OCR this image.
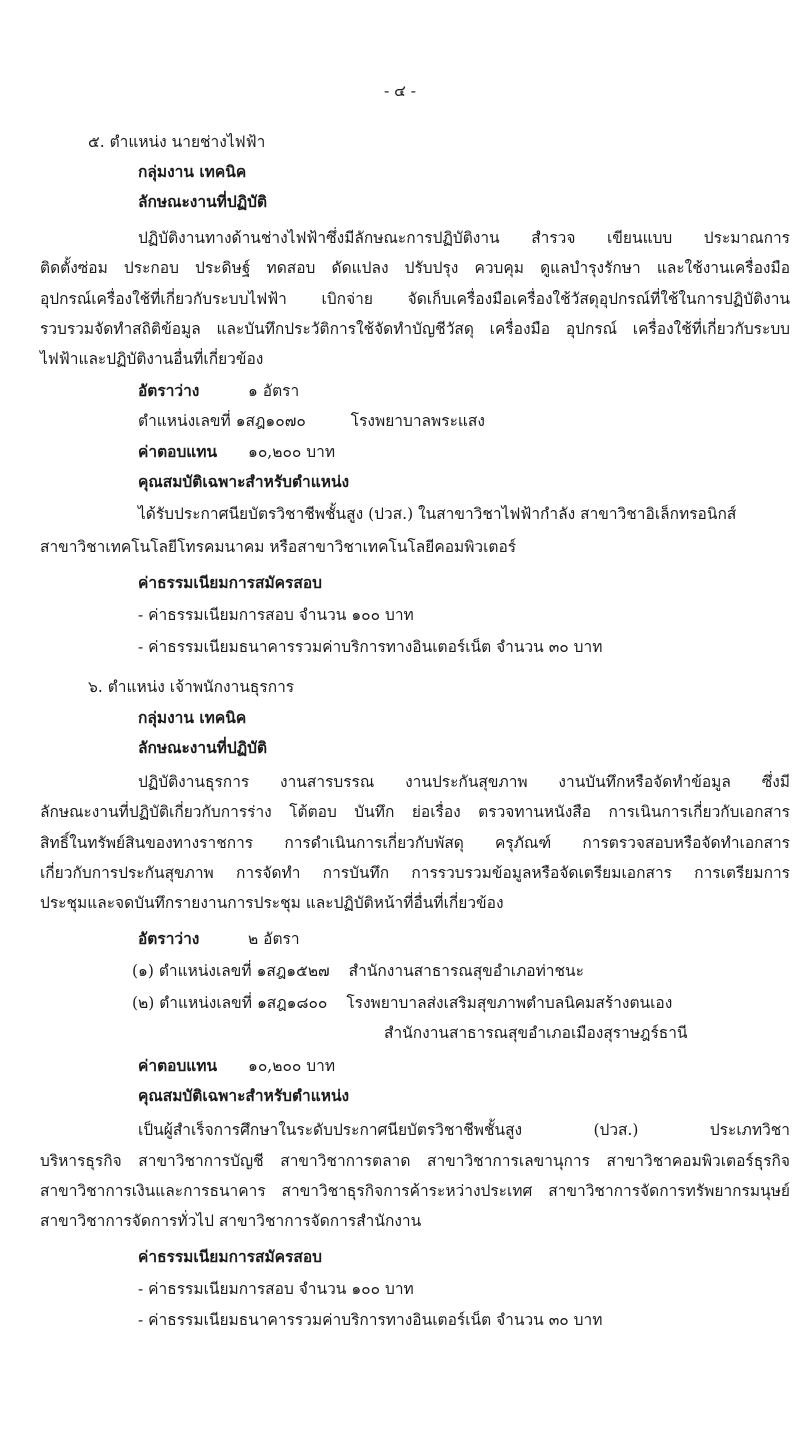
- ๔ -
๕. ตำแหน่ง นายช่างไฟฟ้า
กลุ่มงาน เทคนิค
ลักษณะงานที่ปฏิบัติ
ปฏิบัติงานทางด้านช่างไฟฟ้าซึ่งมีลักษณะการปฏิบัติงาน สำรวจ เขียนแบบ ประมาณการ
ติดตั้งซ่อม ประกอบ ประดิษฐ์ ทดสอบ ดัดแปลง ปรับปรุง ควบคุม ดูแลบำรุงรักษา และใช้งานเครื่องมือ
อุปกรณ์เครื่องใช้ที่เกี่ยวกับระบบไฟฟ้า เบิกจ่าย จัดเก็บเครื่องมือเครื่องใช้วัสดุอุปกรณ์ที่ใช้ในการปฏิบัติงาน
รวบรวมจัดทำสถิติข้อมูล และบันทึกประวัติการใช้จัดทำบัญชีวัสดุ เครื่องมือ อุปกรณ์ เครื่องใช้ที่เกี่ยวกับระบบ
ไฟฟ้าและปฏิบัติงานอื่นที่เกี่ยวข้อง
อัตราว่าง	๑ อัตรา
ตำแหน่งเลขที่ ๑สฎ๑๐๗๐	โรงพยาบาลพระแสง
ค่าตอบแทน ๑๐,๒๐๐ บาท
คุณสมบัติเฉพาะสำหรับตำแหน่ง
ได้รับประกาศนียบัตรวิชาชีพชั้นสูง (ปวส.) ในสาขาวิชาไฟฟ้ากำลัง สาขาวิชาอิเล็กทรอนิกส์
สาขาวิชาเทคโนโลยีโทรคมนาคม หรือสาขาวิชาเทคโนโลยีคอมพิวเตอร์
ค่าธรรมเนียมการสมัครสอบ
- ค่าธรรมเนียมการสอบ จำนวน ๑๐๐ บาท
- ค่าธรรมเนียมธนาคารรวมค่าบริการทางอินเตอร์เน็ต จำนวน ๓๐ บาท
๖. ตำแหน่ง เจ้าพนักงานธุรการ
กลุ่มงาน เทคนิค
ลักษณะงานที่ปฏิบัติ
ปฏิบัติงานธุรการ งานสารบรรณ งานประกันสุขภาพ งานบันทึกหรือจัดทำข้อมูล ซึ่งมี
ลักษณะงานที่ปฏิบัติเกี่ยวกับการร่าง โต้ตอบ บันทึก ย่อเรื่อง ตรวจทานหนังสือ การเนินการเกี่ยวกับเอกสาร
สิทธิ์ในทรัพย์สินของทางราชการ การดำเนินการเกี่ยวกับพัสดุ ครุภัณฑ์ การตรวจสอบหรือจัดทำเอกสาร
เกี่ยวกับการประกันสุขภาพ การจัดทำ การบันทึก การรวบรวมข้อมูลหรือจัดเตรียมเอกสาร การเตรียมการ
ประชุมและจดบันทึกรายงานการประชุม และปฏิบัติหน้าที่อื่นที่เกี่ยวข้อง
อัตราว่าง	๒ อัตรา
(๑) ตำแหน่งเลขที่ ๑สฎ๑๕๒๗ สำนักงานสาธารณสุขอำเภอท่าชนะ
(๒) ตำแหน่งเลขที่ ๑สฎ๑๘๐๐ โรงพยาบาลส่งเสริมสุขภาพตำบลนิคมสร้างตนเอง
สำนักงานสาธารณสุขอำเภอเมืองสุราษฎร์ธานี
ค่าตอบแทน ๑๐,๒๐๐ บาท
คุณสมบัติเฉพาะสำหรับตำแหน่ง
เป็นผู้สำเร็จการศึกษาในระดับประกาศนียบัตรวิชาชีพชั้นสูง (ปวส.) ประเภทวิชา
บริหารธุรกิจ สาขาวิชาการบัญชี สาขาวิชาการตลาด สาขาวิชาการเลขานุการ สาขาวิชาคอมพิวเตอร์ธุรกิจ
สาขาวิชาการเงินและการธนาคาร สาขาวิชาธุรกิจการค้าระหว่างประเทศ สาขาวิชาการจัดการทรัพยากรมนุษย์
สาขาวิชาการจัดการทั่วไป สาขาวิชาการจัดการสำนักงาน
ค่าธรรมเนียมการสมัครสอบ
- ค่าธรรมเนียมการสอบ จำนวน ๑๐๐ บาท
- ค่าธรรมเนียมธนาคารรวมค่าบริการทางอินเตอร์เน็ต จำนวน ๓๐ บาท
